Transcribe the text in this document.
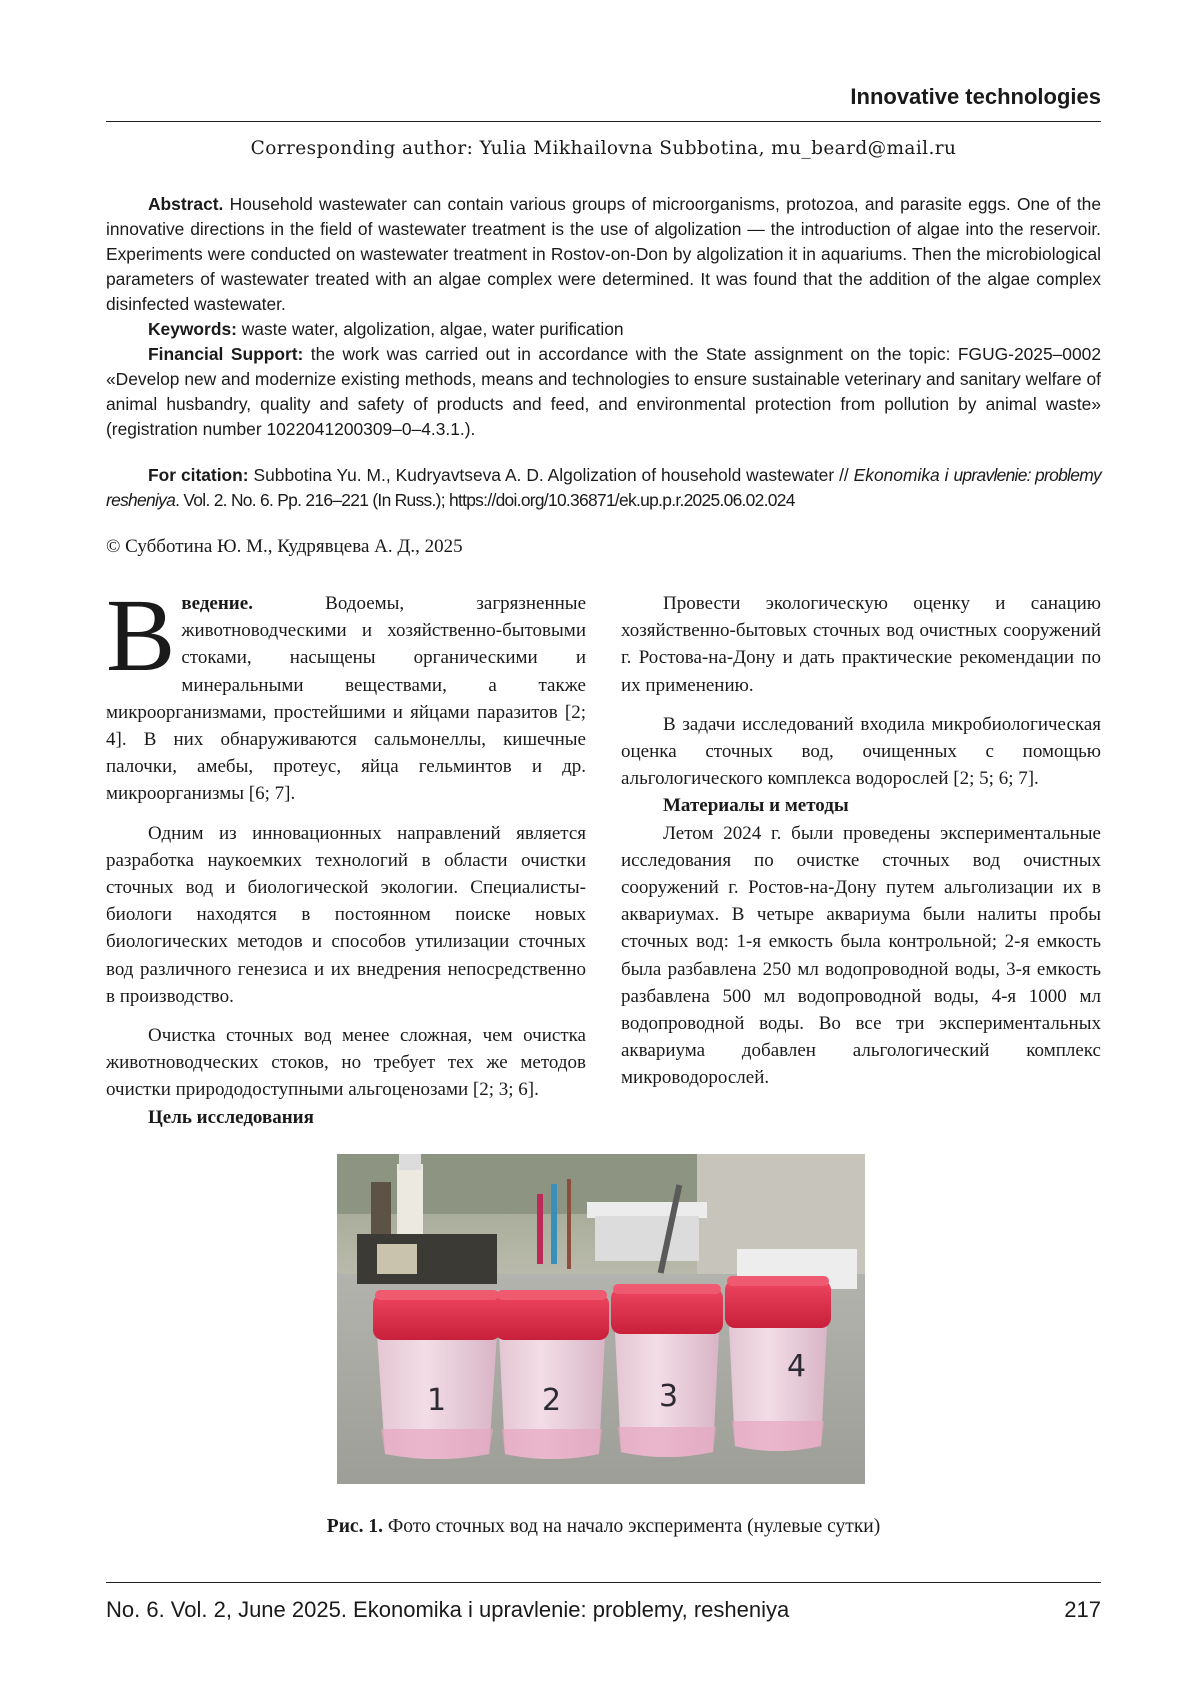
Innovative technologies
Corresponding author: Yulia Mikhailovna Subbotina, mu_beard@mail.ru

Abstract. Household wastewater can contain various groups of microorganisms, protozoa, and parasite eggs. One of the innovative directions in the field of wastewater treatment is the use of algolization — the introduction of algae into the reservoir. Experiments were conducted on wastewater treatment in Rostov-on-Don by algolization it in aquariums. Then the microbiological parameters of wastewater treated with an algae complex were determined. It was found that the addition of the algae complex disinfected wastewater.

Keywords: waste water, algolization, algae, water purification

Financial Support: the work was carried out in accordance with the State assignment on the topic: FGUG-2025–0002 «Develop new and modernize existing methods, means and technologies to ensure sustainable veterinary and sanitary welfare of animal husbandry, quality and safety of products and feed, and environmental protection from pollution by animal waste» (registration number 1022041200309–0–4.3.1.).

For citation: Subbotina Yu. M., Kudryavtseva A. D. Algolization of household wastewater // Ekonomika i upravlenie: problemy resheniya. Vol. 2. No. 6. Pp. 216–221 (In Russ.); https://doi.org/10.36871/ek.up.p.r.2025.06.02.024

© Субботина Ю. М., Кудрявцева А. Д., 2025

В ведение. Водоемы, загрязненные животноводческими и хозяйственно-бытовыми стоками, насыщены органическими и минеральными веществами, а также микроорганизмами, простейшими и яйцами паразитов [2; 4]. В них обнаруживаются сальмонеллы, кишечные палочки, амебы, протеус, яйца гельминтов и др. микроорганизмы [6; 7].

Одним из инновационных направлений является разработка наукоемких технологий в области очистки сточных вод и биологической экологии. Специалисты-биологи находятся в постоянном поиске новых биологических методов и способов утилизации сточных вод различного генезиса и их внедрения непосредственно в производство.

Очистка сточных вод менее сложная, чем очистка животноводческих стоков, но требует тех же методов очистки природодоступными альгоценозами [2; 3; 6].

Цель исследования

Провести экологическую оценку и санацию хозяйственно-бытовых сточных вод очистных сооружений г. Ростова-на-Дону и дать практические рекомендации по их применению.

В задачи исследований входила микробиологическая оценка сточных вод, очищенных с помощью альгологического комплекса водорослей [2; 5; 6; 7].

Материалы и методы

Летом 2024 г. были проведены экспериментальные исследования по очистке сточных вод очистных сооружений г. Ростов-на-Дону путем альголизации их в аквариумах. В четыре аквариума были налиты пробы сточных вод: 1-я емкость была контрольной; 2-я емкость была разбавлена 250 мл водопроводной воды, 3-я емкость разбавлена 500 мл водопроводной воды, 4-я 1000 мл водопроводной воды. Во все три экспериментальных аквариума добавлен альгологический комплекс микроводорослей.

1	2	3
4
Рис. 1. Фото сточных вод на начало эксперимента (нулевые сутки)
No. 6. Vol. 2, June 2025. Ekonomika i upravlenie: problemy, resheniya	217
